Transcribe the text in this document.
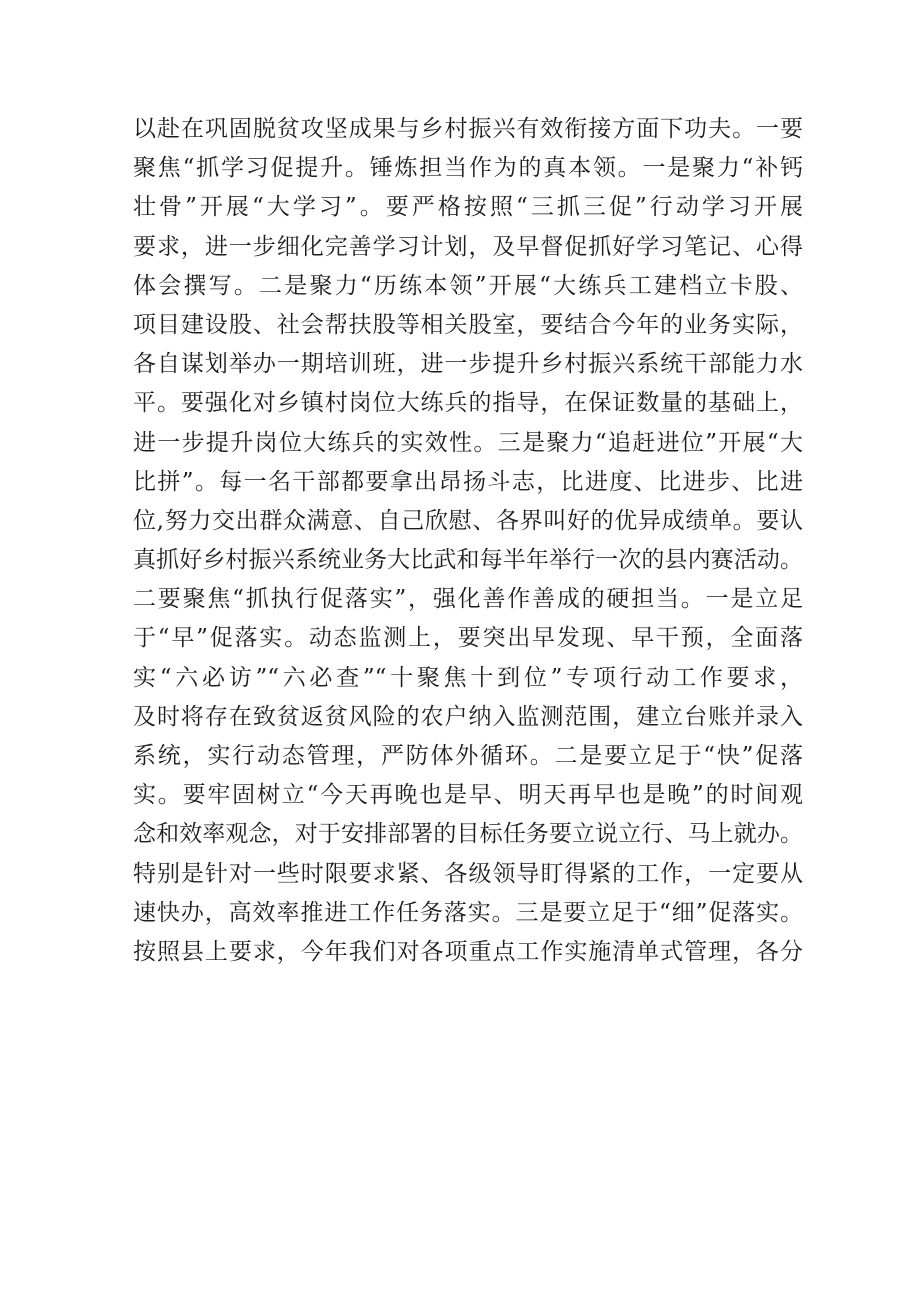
以赴在巩固脱贫攻坚成果与乡村振兴有效衔接方面下功夫。一要
聚焦“抓学习促提升。锤炼担当作为的真本领。一是聚力“补钙
壮骨”开展“大学习”。要严格按照“三抓三促”行动学习开展
要求，进一步细化完善学习计划，及早督促抓好学习笔记、心得
体会撰写。二是聚力“历练本领”开展“大练兵工建档立卡股、
项目建设股、社会帮扶股等相关股室，要结合今年的业务实际，
各自谋划举办一期培训班，进一步提升乡村振兴系统干部能力水
平。要强化对乡镇村岗位大练兵的指导，在保证数量的基础上，
进一步提升岗位大练兵的实效性。三是聚力“追赶进位”开展“大
比拼”。每一名干部都要拿出昂扬斗志，比进度、比进步、比进
位,努力交出群众满意、自己欣慰、各界叫好的优异成绩单。要认
真抓好乡村振兴系统业务大比武和每半年举行一次的县内赛活动。
二要聚焦“抓执行促落实”，强化善作善成的硬担当。一是立足
于“早”促落实。动态监测上，要突出早发现、早干预，全面落
实“六必访”“六必查”“十聚焦十到位”专项行动工作要求，
及时将存在致贫返贫风险的农户纳入监测范围，建立台账并录入
系统，实行动态管理，严防体外循环。二是要立足于“快”促落
实。要牢固树立“今天再晚也是早、明天再早也是晚”的时间观
念和效率观念，对于安排部署的目标任务要立说立行、马上就办。
特别是针对一些时限要求紧、各级领导盯得紧的工作，一定要从
速快办，高效率推进工作任务落实。三是要立足于“细”促落实。
按照县上要求，今年我们对各项重点工作实施清单式管理，各分
